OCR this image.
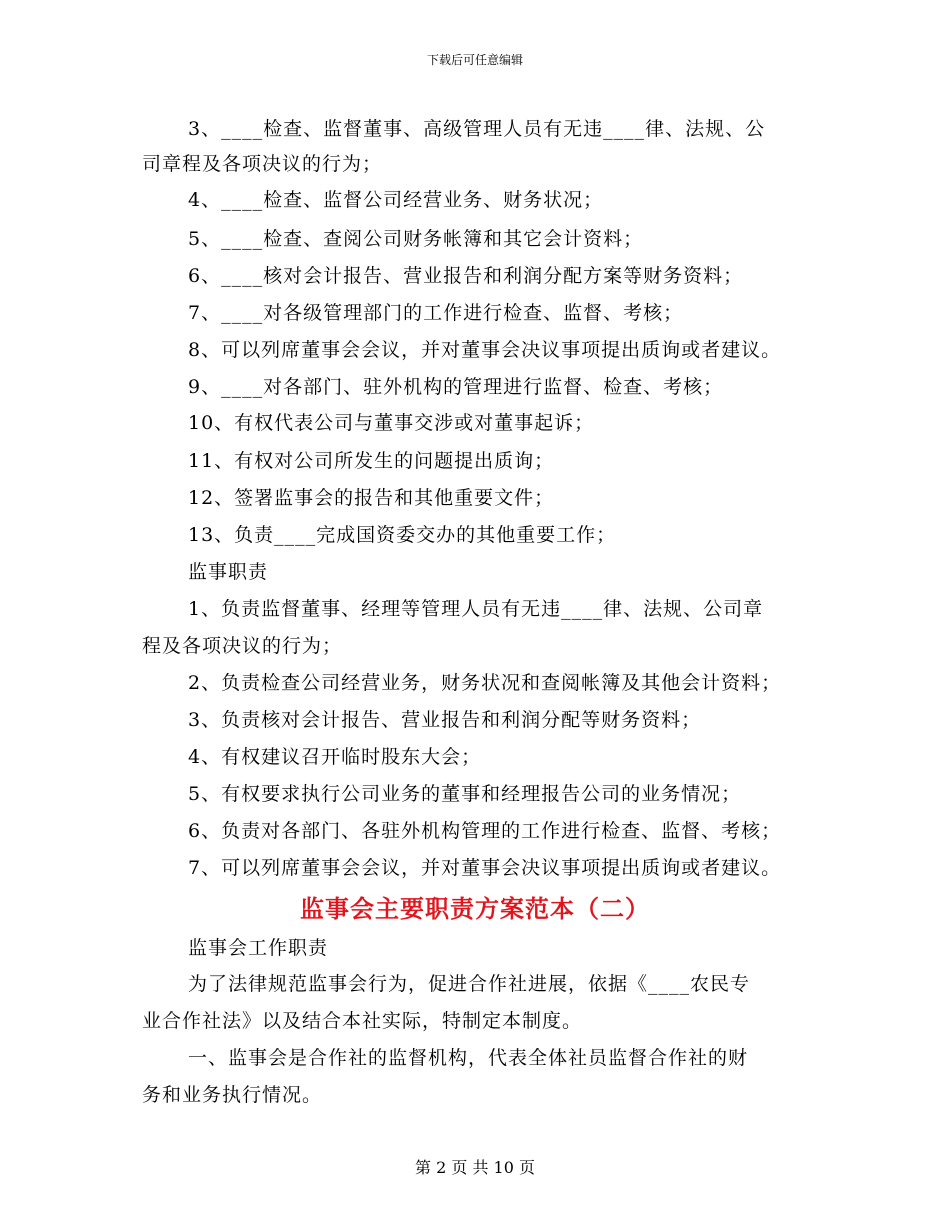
下载后可任意编辑
3、____检查、监督董事、高级管理人员有无违____律、法规、公
司章程及各项决议的行为；
4、____检查、监督公司经营业务、财务状况；
5、____检查、查阅公司财务帐簿和其它会计资料；
6、____核对会计报告、营业报告和利润分配方案等财务资料；
7、____对各级管理部门的工作进行检查、监督、考核；
8、可以列席董事会会议，并对董事会决议事项提出质询或者建议。
9、____对各部门、驻外机构的管理进行监督、检查、考核；
10、有权代表公司与董事交涉或对董事起诉；
11、有权对公司所发生的问题提出质询；
12、签署监事会的报告和其他重要文件；
13、负责____完成国资委交办的其他重要工作；
监事职责
1、负责监督董事、经理等管理人员有无违____律、法规、公司章
程及各项决议的行为；
2、负责检查公司经营业务，财务状况和查阅帐簿及其他会计资料；
3、负责核对会计报告、营业报告和利润分配等财务资料；
4、有权建议召开临时股东大会；
5、有权要求执行公司业务的董事和经理报告公司的业务情况；
6、负责对各部门、各驻外机构管理的工作进行检查、监督、考核；
7、可以列席董事会会议，并对董事会决议事项提出质询或者建议。
监事会主要职责方案范本（二）
监事会工作职责
为了法律规范监事会行为，促进合作社进展，依据《____农民专
业合作社法》以及结合本社实际，特制定本制度。
一、监事会是合作社的监督机构，代表全体社员监督合作社的财
务和业务执行情况。
第 2 页 共 10 页
